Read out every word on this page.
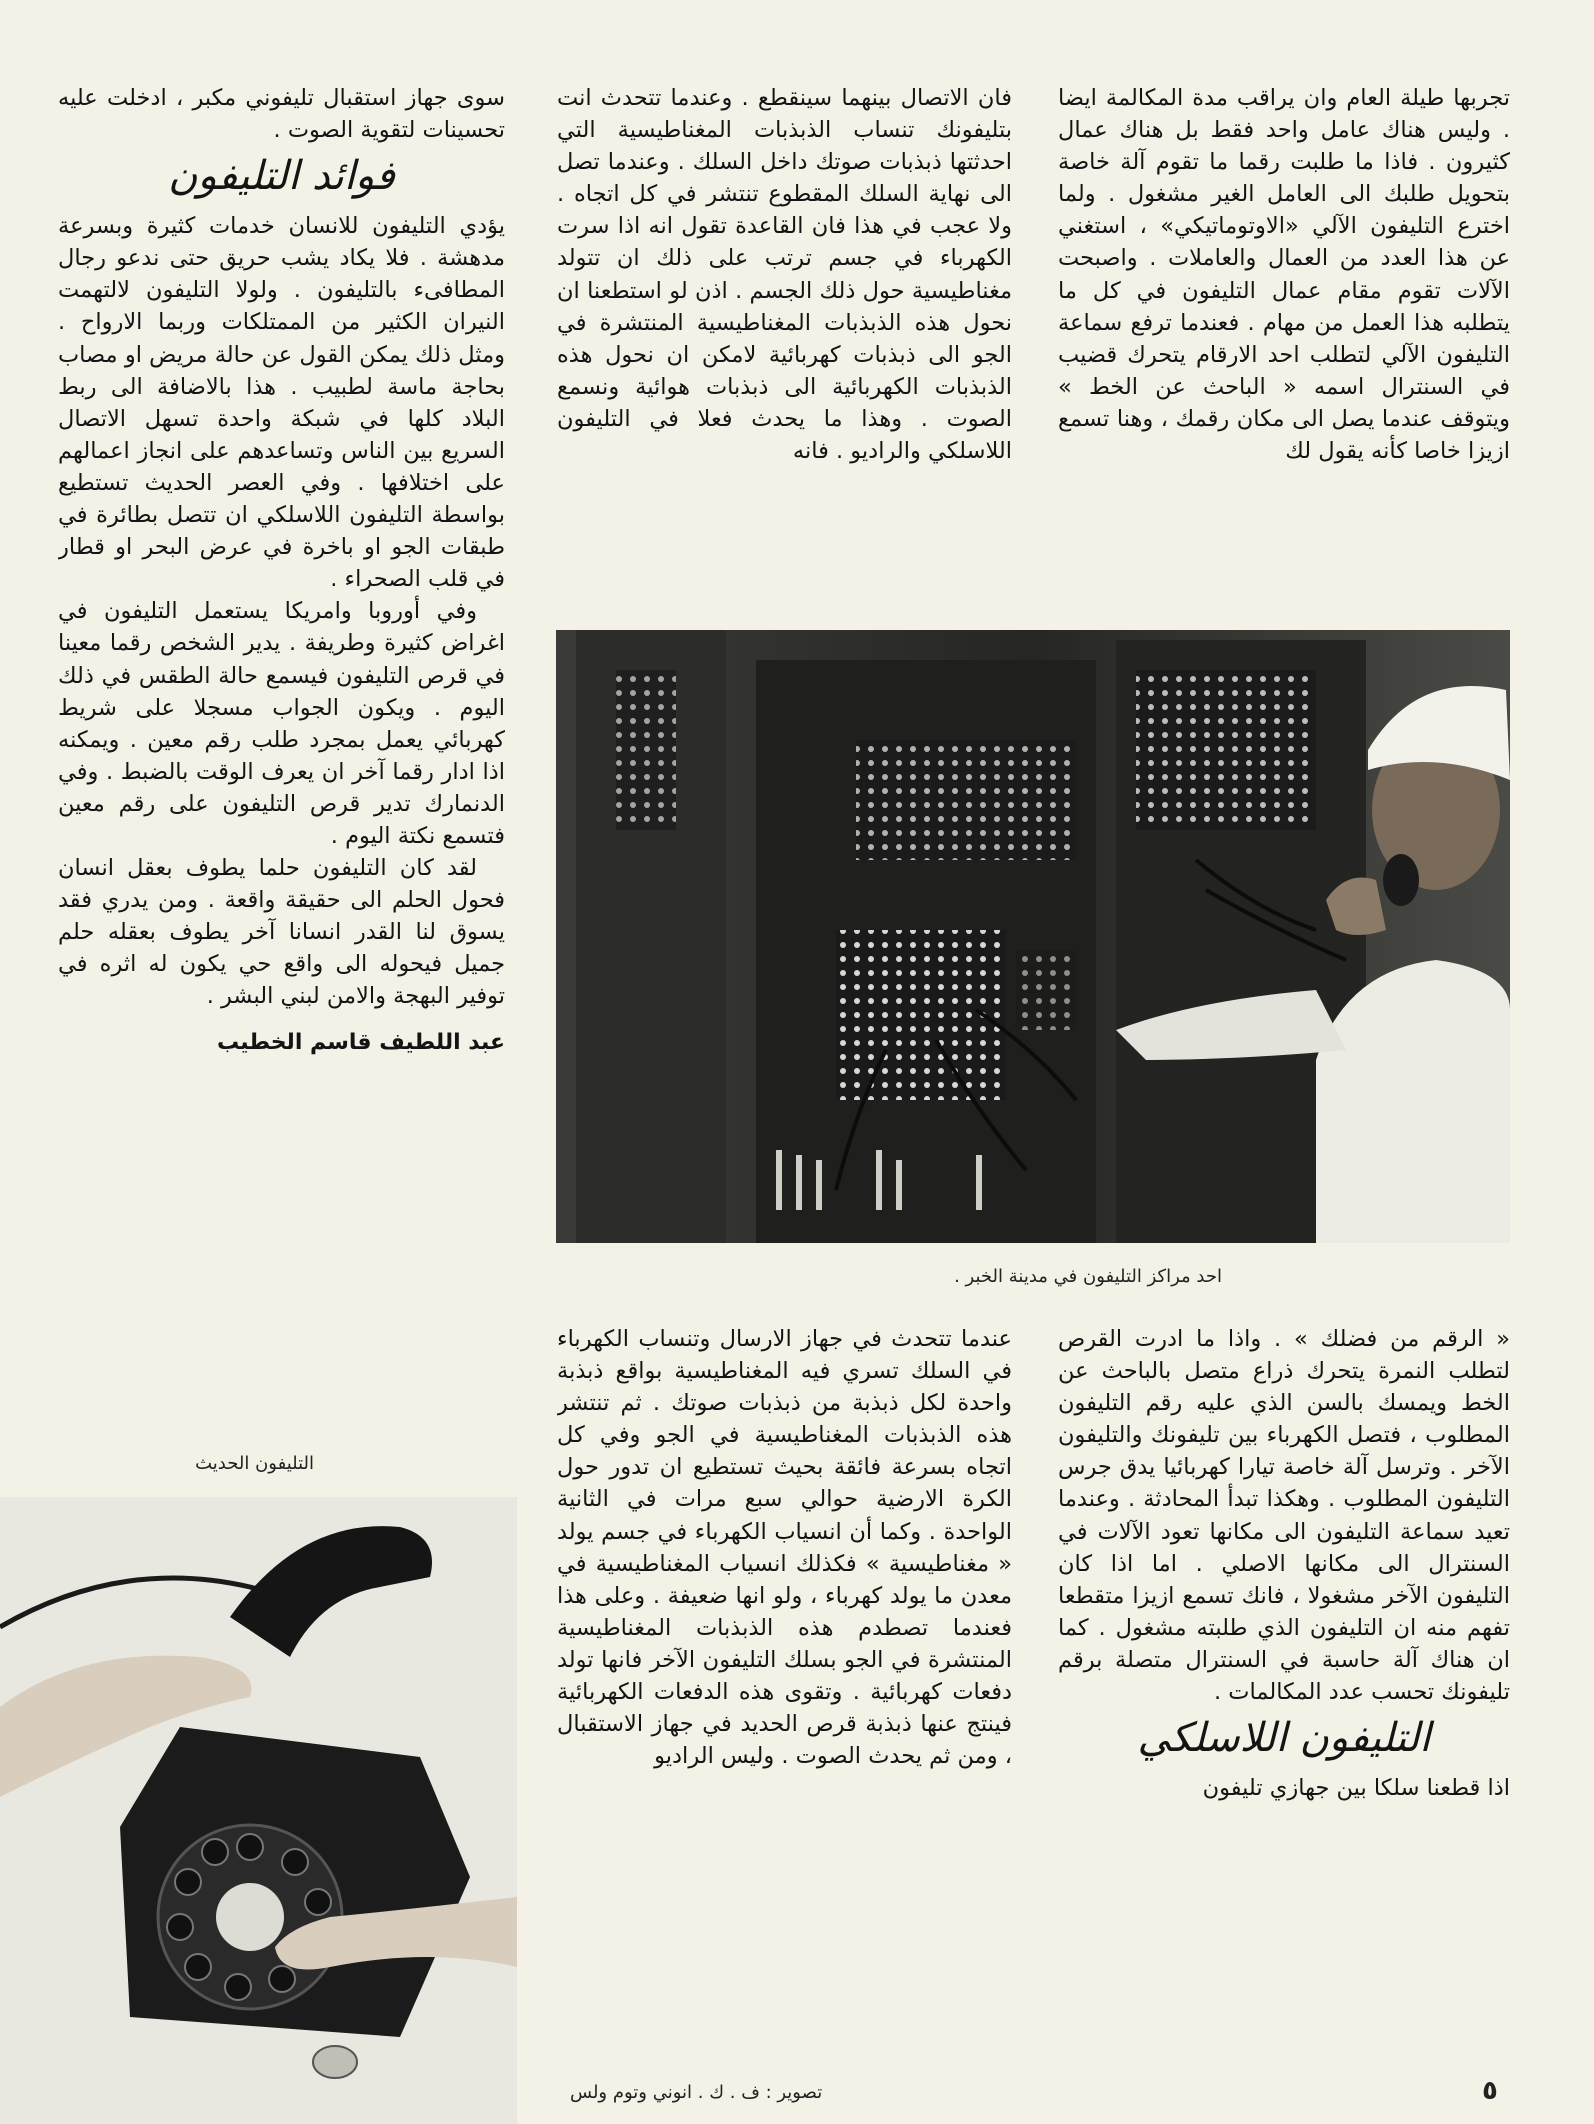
تجربها طيلة العام وان يراقب مدة المكالمة ايضا . وليس هناك عامل واحد فقط بل هناك عمال كثيرون . فاذا ما طلبت رقما ما تقوم آلة خاصة بتحويل طلبك الى العامل الغير مشغول . ولما اخترع التليفون الآلي «الاوتوماتيكي» ، استغني عن هذا العدد من العمال والعاملات . واصبحت الآلات تقوم مقام عمال التليفون في كل ما يتطلبه هذا العمل من مهام . فعندما ترفع سماعة التليفون الآلي لتطلب احد الارقام يتحرك قضيب في السنترال اسمه « الباحث عن الخط » ويتوقف عندما يصل الى مكان رقمك ، وهنا تسمع ازيزا خاصا كأنه يقول لك

فان الاتصال بينهما سينقطع . وعندما تتحدث انت بتليفونك تنساب الذبذبات المغناطيسية التي احدثتها ذبذبات صوتك داخل السلك . وعندما تصل الى نهاية السلك المقطوع تنتشر في كل اتجاه . ولا عجب في هذا فان القاعدة تقول انه اذا سرت الكهرباء في جسم ترتب على ذلك ان تتولد مغناطيسية حول ذلك الجسم . اذن لو استطعنا ان نحول هذه الذبذبات المغناطيسية المنتشرة في الجو الى ذبذبات كهربائية لامكن ان نحول هذه الذبذبات الكهربائية الى ذبذبات هوائية ونسمع الصوت . وهذا ما يحدث فعلا في التليفون اللاسلكي والراديو . فانه

سوى جهاز استقبال تليفوني مكبر ، ادخلت عليه تحسينات لتقوية الصوت .

فوائد التليفون

يؤدي التليفون للانسان خدمات كثيرة وبسرعة مدهشة . فلا يكاد يشب حريق حتى ندعو رجال المطافىء بالتليفون . ولولا التليفون لالتهمت النيران الكثير من الممتلكات وربما الارواح . ومثل ذلك يمكن القول عن حالة مريض او مصاب بحاجة ماسة لطبيب . هذا بالاضافة الى ربط البلاد كلها في شبكة واحدة تسهل الاتصال السريع بين الناس وتساعدهم على انجاز اعمالهم على اختلافها . وفي العصر الحديث تستطيع بواسطة التليفون اللاسلكي ان تتصل بطائرة في طبقات الجو او باخرة في عرض البحر او قطار في قلب الصحراء .

وفي أوروبا وامريكا يستعمل التليفون في اغراض كثيرة وطريفة . يدير الشخص رقما معينا في قرص التليفون فيسمع حالة الطقس في ذلك اليوم . ويكون الجواب مسجلا على شريط كهربائي يعمل بمجرد طلب رقم معين . ويمكنه اذا ادار رقما آخر ان يعرف الوقت بالضبط . وفي الدنمارك تدير قرص التليفون على رقم معين فتسمع نكتة اليوم .

لقد كان التليفون حلما يطوف بعقل انسان فحول الحلم الى حقيقة واقعة . ومن يدري فقد يسوق لنا القدر انسانا آخر يطوف بعقله حلم جميل فيحوله الى واقع حي يكون له اثره في توفير البهجة والامن لبني البشر .

عبد اللطيف قاسم الخطيب
احد مراكز التليفون في مدينة الخبر .

« الرقم من فضلك » . واذا ما ادرت القرص لتطلب النمرة يتحرك ذراع متصل بالباحث عن الخط ويمسك بالسن الذي عليه رقم التليفون المطلوب ، فتصل الكهرباء بين تليفونك والتليفون الآخر . وترسل آلة خاصة تيارا كهربائيا يدق جرس التليفون المطلوب . وهكذا تبدأ المحادثة . وعندما تعيد سماعة التليفون الى مكانها تعود الآلات في السنترال الى مكانها الاصلي . اما اذا كان التليفون الآخر مشغولا ، فانك تسمع ازيزا متقطعا تفهم منه ان التليفون الذي طلبته مشغول . كما ان هناك آلة حاسبة في السنترال متصلة برقم تليفونك تحسب عدد المكالمات .

التليفون اللاسلكي

اذا قطعنا سلكا بين جهازي تليفون

عندما تتحدث في جهاز الارسال وتنساب الكهرباء في السلك تسري فيه المغناطيسية بواقع ذبذبة واحدة لكل ذبذبة من ذبذبات صوتك . ثم تنتشر هذه الذبذبات المغناطيسية في الجو وفي كل اتجاه بسرعة فائقة بحيث تستطيع ان تدور حول الكرة الارضية حوالي سبع مرات في الثانية الواحدة . وكما أن انسياب الكهرباء في جسم يولد « مغناطيسية » فكذلك انسياب المغناطيسية في معدن ما يولد كهرباء ، ولو انها ضعيفة . وعلى هذا فعندما تصطدم هذه الذبذبات المغناطيسية المنتشرة في الجو بسلك التليفون الآخر فانها تولد دفعات كهربائية . وتقوى هذه الدفعات الكهربائية فينتج عنها ذبذبة قرص الحديد في جهاز الاستقبال ، ومن ثم يحدث الصوت . وليس الراديو

التليفون الحديث
تصوير : ف . ك . انوني وتوم ولس	٥
